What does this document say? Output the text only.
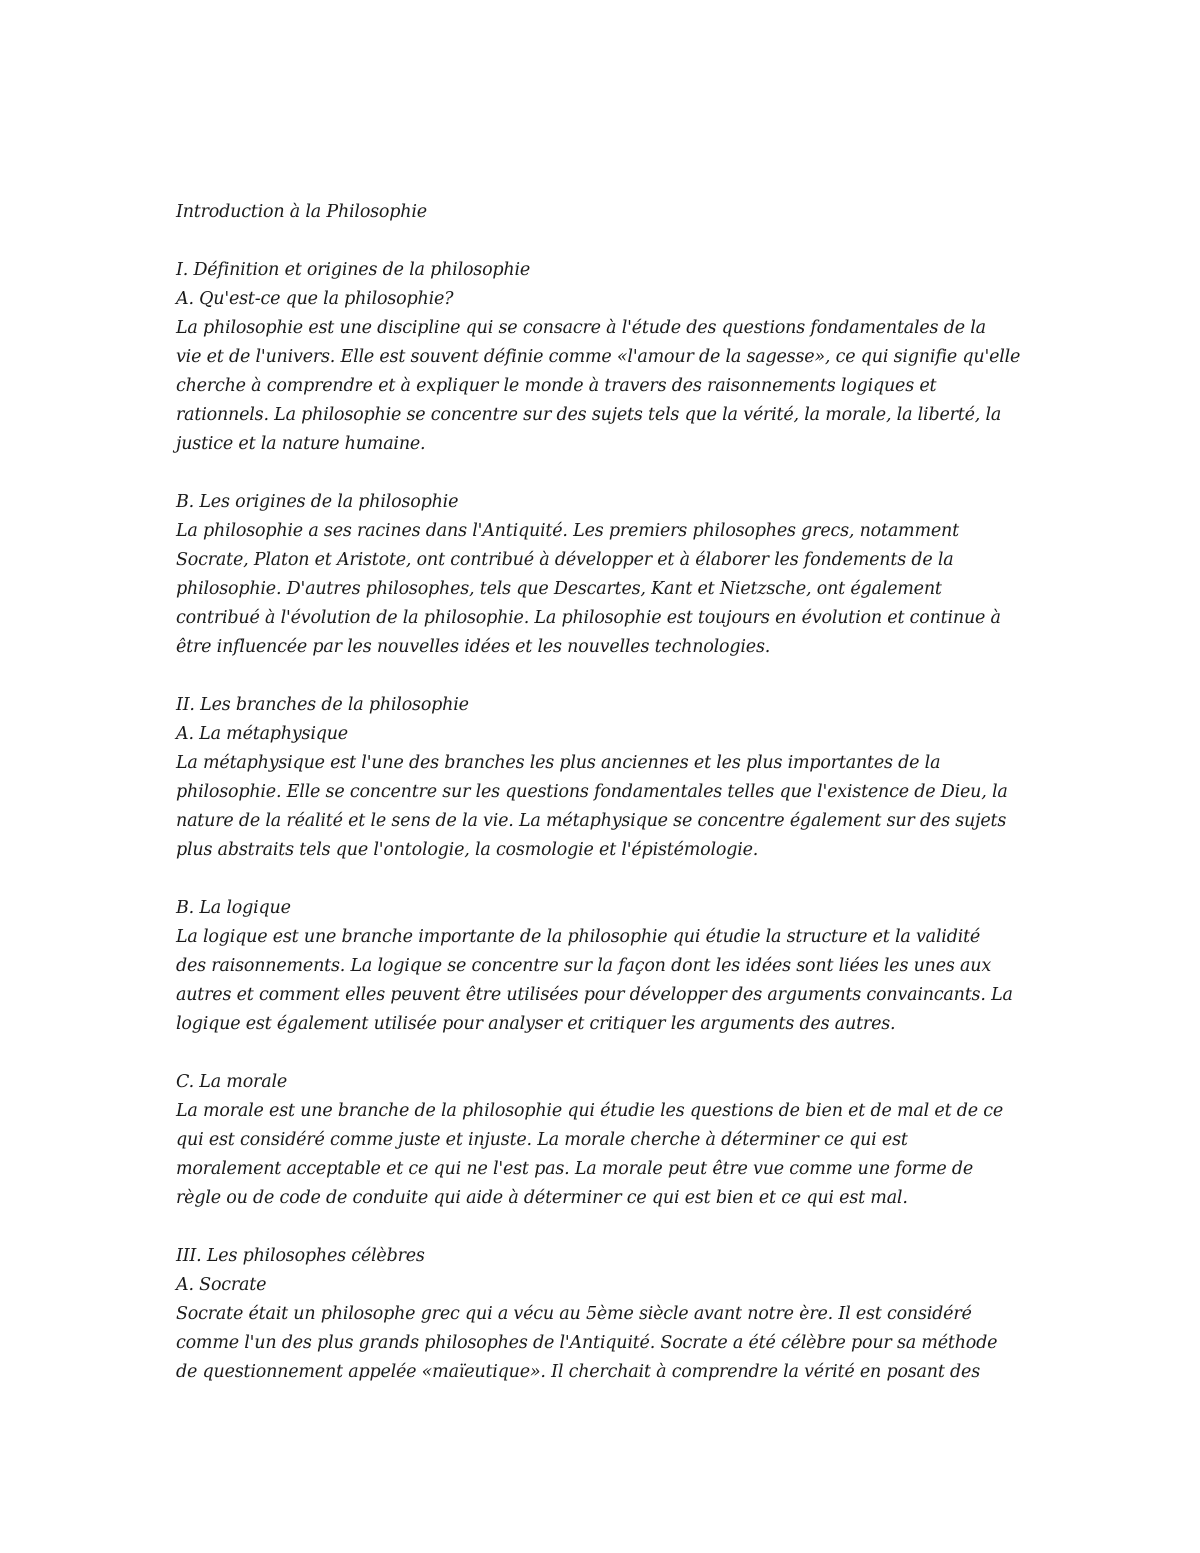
Introduction à la Philosophie
I. Définition et origines de la philosophie
A. Qu'est-ce que la philosophie?
La philosophie est une discipline qui se consacre à l'étude des questions fondamentales de la
vie et de l'univers. Elle est souvent définie comme «l'amour de la sagesse», ce qui signifie qu'elle
cherche à comprendre et à expliquer le monde à travers des raisonnements logiques et
rationnels. La philosophie se concentre sur des sujets tels que la vérité, la morale, la liberté, la
justice et la nature humaine.
B. Les origines de la philosophie
La philosophie a ses racines dans l'Antiquité. Les premiers philosophes grecs, notamment
Socrate, Platon et Aristote, ont contribué à développer et à élaborer les fondements de la
philosophie. D'autres philosophes, tels que Descartes, Kant et Nietzsche, ont également
contribué à l'évolution de la philosophie. La philosophie est toujours en évolution et continue à
être influencée par les nouvelles idées et les nouvelles technologies.
II. Les branches de la philosophie
A. La métaphysique
La métaphysique est l'une des branches les plus anciennes et les plus importantes de la
philosophie. Elle se concentre sur les questions fondamentales telles que l'existence de Dieu, la
nature de la réalité et le sens de la vie. La métaphysique se concentre également sur des sujets
plus abstraits tels que l'ontologie, la cosmologie et l'épistémologie.
B. La logique
La logique est une branche importante de la philosophie qui étudie la structure et la validité
des raisonnements. La logique se concentre sur la façon dont les idées sont liées les unes aux
autres et comment elles peuvent être utilisées pour développer des arguments convaincants. La
logique est également utilisée pour analyser et critiquer les arguments des autres.
C. La morale
La morale est une branche de la philosophie qui étudie les questions de bien et de mal et de ce
qui est considéré comme juste et injuste. La morale cherche à déterminer ce qui est
moralement acceptable et ce qui ne l'est pas. La morale peut être vue comme une forme de
règle ou de code de conduite qui aide à déterminer ce qui est bien et ce qui est mal.
III. Les philosophes célèbres
A. Socrate
Socrate était un philosophe grec qui a vécu au 5ème siècle avant notre ère. Il est considéré
comme l'un des plus grands philosophes de l'Antiquité. Socrate a été célèbre pour sa méthode
de questionnement appelée «maïeutique». Il cherchait à comprendre la vérité en posant des
